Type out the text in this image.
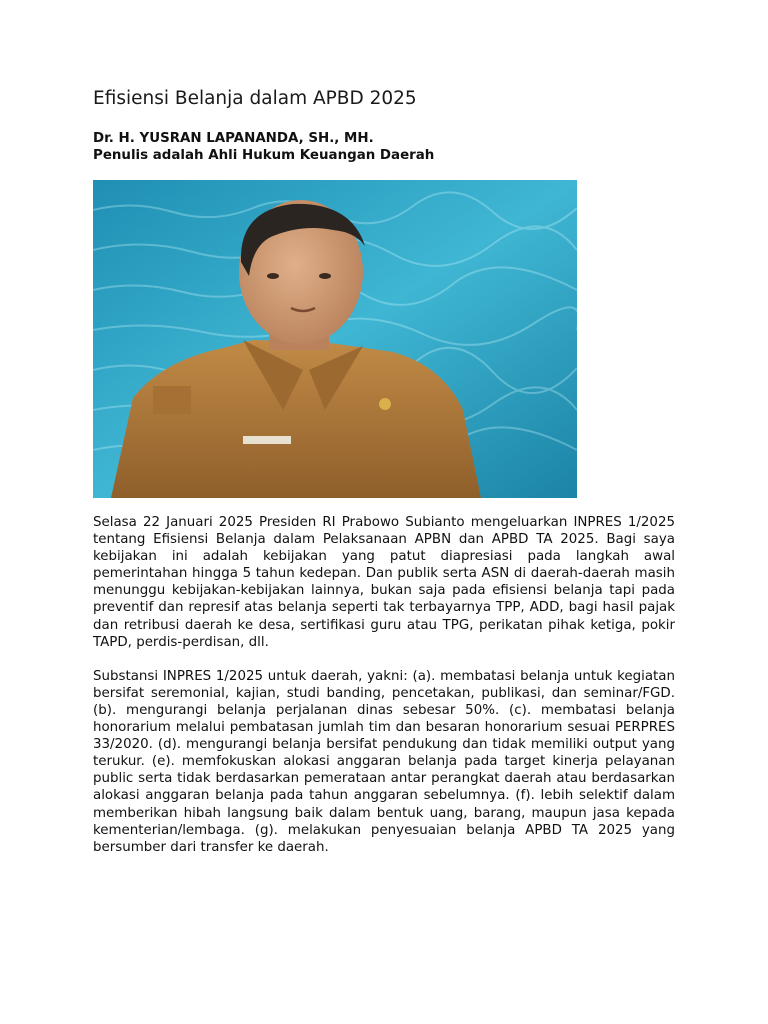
Efisiensi Belanja dalam APBD 2025
Dr. H. YUSRAN LAPANANDA, SH., MH.
Penulis adalah Ahli Hukum Keuangan Daerah

Selasa 22 Januari 2025 Presiden RI Prabowo Subianto mengeluarkan INPRES 1/2025 tentang Efisiensi Belanja dalam Pelaksanaan APBN dan APBD TA 2025. Bagi saya kebijakan ini adalah kebijakan yang patut diapresiasi pada langkah awal pemerintahan hingga 5 tahun kedepan. Dan publik serta ASN di daerah-daerah masih menunggu kebijakan-kebijakan lainnya, bukan saja pada efisiensi belanja tapi pada preventif dan represif atas belanja seperti tak terbayarnya TPP, ADD, bagi hasil pajak dan retribusi daerah ke desa, sertifikasi guru atau TPG, perikatan pihak ketiga, pokir TAPD, perdis-perdisan, dll.

Substansi INPRES 1/2025 untuk daerah, yakni: (a). membatasi belanja untuk kegiatan bersifat seremonial, kajian, studi banding, pencetakan, publikasi, dan seminar/FGD. (b). mengurangi belanja perjalanan dinas sebesar 50%. (c). membatasi belanja honorarium melalui pembatasan jumlah tim dan besaran honorarium sesuai PERPRES 33/2020. (d). mengurangi belanja bersifat pendukung dan tidak memiliki output yang terukur. (e). memfokuskan alokasi anggaran belanja pada target kinerja pelayanan public serta tidak berdasarkan pemerataan antar perangkat daerah atau berdasarkan alokasi anggaran belanja pada tahun anggaran sebelumnya. (f). lebih selektif dalam memberikan hibah langsung baik dalam bentuk uang, barang, maupun jasa kepada kementerian/lembaga. (g). melakukan penyesuaian belanja APBD TA 2025 yang bersumber dari transfer ke daerah.
